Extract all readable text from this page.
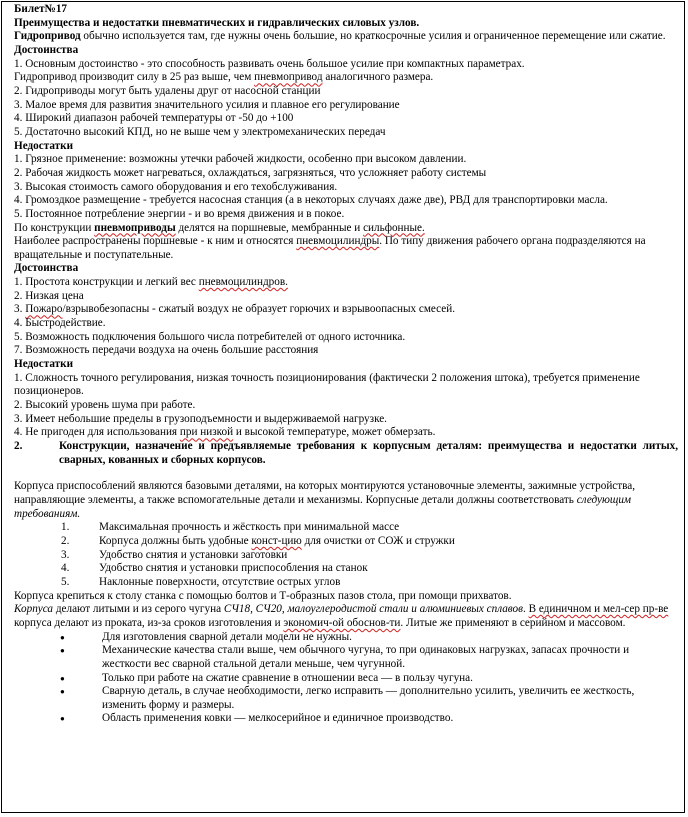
Билет№17
Преимущества и недостатки пневматических и гидравлических силовых узлов.
Гидропривод обычно используется там, где нужны очень большие, но краткосрочные усилия и ограниченное перемещение или сжатие.
Достоинства
1. Основным достоинство - это способность развивать очень большое усилие при компактных параметрах.
Гидропривод производит силу в 25 раз выше, чем пневмопривод аналогичного размера.
2. Гидроприводы могут быть удалены друг от насосной станции
3. Малое время для развития значительного усилия и плавное его регулирование
4. Широкий диапазон рабочей температуры от -50 до +100
5. Достаточно высокий КПД, но не выше чем у электромеханических передач
Недостатки
1. Грязное применение: возможны утечки рабочей жидкости, особенно при высоком давлении.
2. Рабочая жидкость может нагреваться, охлаждаться, загрязняться, что усложняет работу системы
3. Высокая стоимость самого оборудования и его техобслуживания.
4. Громоздкое размещение - требуется насосная станция (а в некоторых случаях даже две), РВД для транспортировки масла.
5. Постоянное потребление энергии - и во время движения и в покое.
По конструкции пневмоприводы делятся на поршневые, мембранные и сильфонные.
Наиболее распространены поршневые - к ним и относятся пневмоцилиндры. По типу движения рабочего органа подразделяются на вращательные и поступательные.
Достоинства
1. Простота конструкции и легкий вес пневмоцилиндров.
2. Низкая цена
3. Пожаро/взрывобезопасны - сжатый воздух не образует горючих и взрывоопасных смесей.
4. Быстродействие.
5. Возможность подключения большого числа потребителей от одного источника.
7. Возможность передачи воздуха на очень большие расстояния
Недостатки
1. Сложность точного регулирования, низкая точность позиционирования (фактически 2 положения штока), требуется применение позиционеров.
2. Высокий уровень шума при работе.
3. Имеет небольшие пределы в грузоподъемности и выдерживаемой нагрузке.
4. Не пригоден для использования при низкой и высокой температуре, может обмерзать.
2.	Конструкции, назначение и предъявляемые требования к корпусным деталям: преимущества и недостатки литых, сварных, кованных и сборных корпусов.
Корпуса приспособлений являются базовыми деталями, на которых монтируются установочные элементы, зажимные устройства, направляющие элементы, а также вспомогательные детали и механизмы. Корпусные детали должны соответствовать следующим требованиям.
1.	Максимальная прочность и жёсткость при минимальной массе
2.	Корпуса должны быть удобные конст-цию для очистки от СОЖ и стружки
3.	Удобство снятия и установки заготовки
4.	Удобство снятия и установки приспособления на станок
5.	Наклонные поверхности, отсутствие острых углов
Корпуса крепиться к столу станка с помощью болтов и Т-образных пазов стола, при помощи прихватов.
Корпуса делают литыми и из серого чугуна СЧ18, СЧ20, малоуглеродистой стали и алюминиевых сплавов. В единичном и мел-сер пр-ве корпуса делают из проката, из-за сроков изготовления и экономич-ой обоснов-ти. Литые же применяют в серийном и массовом.
●	Для изготовления сварной детали модели не нужны.
●	Механические качества стали выше, чем обычного чугуна, то при одинаковых нагрузках, запасах прочности и жесткости вес сварной стальной детали меньше, чем чугунной.
●	Только при работе на сжатие сравнение в отношении веса — в пользу чугуна.
●	Сварную деталь, в случае необходимости, легко исправить — дополнительно усилить, увеличить ее жесткость, изменить форму и размеры.
●	Область применения ковки — мелкосерийное и единичное производство.
